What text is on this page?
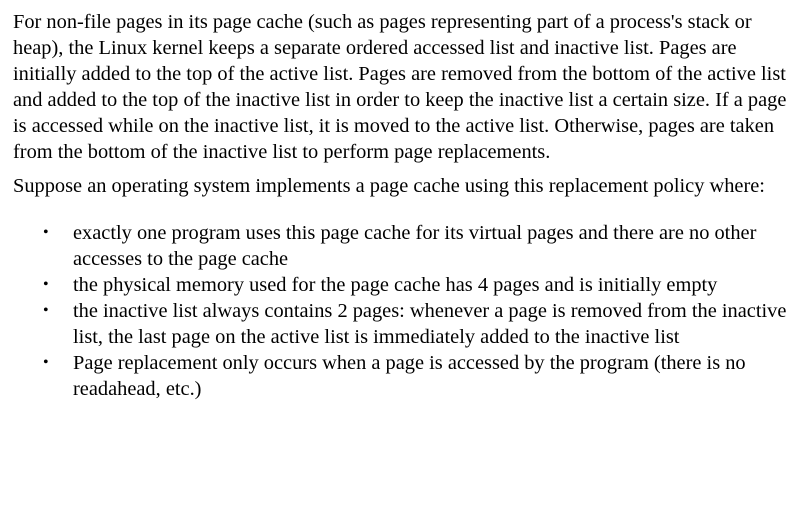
For non-file pages in its page cache (such as pages representing part of a process's stack or heap), the Linux kernel keeps a separate ordered accessed list and inactive list. Pages are initially added to the top of the active list. Pages are removed from the bottom of the active list and added to the top of the inactive list in order to keep the inactive list a certain size. If a page is accessed while on the inactive list, it is moved to the active list. Otherwise, pages are taken from the bottom of the inactive list to perform page replacements.

Suppose an operating system implements a page cache using this replacement policy where:

• exactly one program uses this page cache for its virtual pages and there are no other accesses to the page cache
• the physical memory used for the page cache has 4 pages and is initially empty
• the inactive list always contains 2 pages: whenever a page is removed from the inactive list, the last page on the active list is immediately added to the inactive list
• Page replacement only occurs when a page is accessed by the program (there is no readahead, etc.)
